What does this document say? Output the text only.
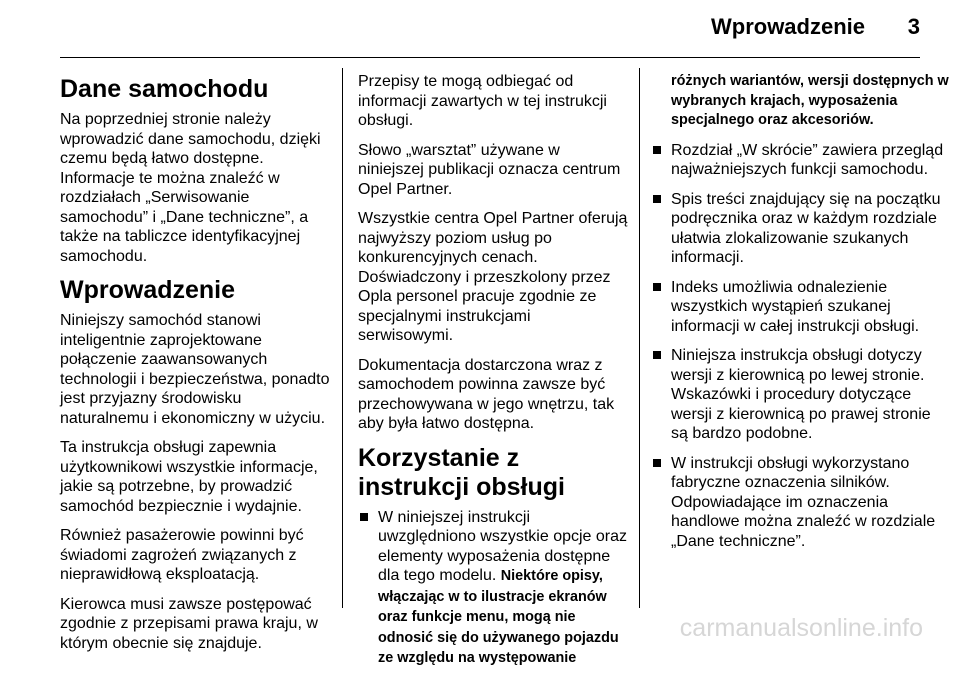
Wprowadzenie	3
Dane samochodu

Na poprzedniej stronie należy wprowadzić dane samochodu, dzięki czemu będą łatwo dostępne. Informacje te można znaleźć w rozdziałach „Serwisowanie samochodu” i „Dane techniczne”, a także na tabliczce identyfikacyjnej samochodu.

Wprowadzenie

Niniejszy samochód stanowi inteligentnie zaprojektowane połączenie zaawansowanych technologii i bezpieczeństwa, ponadto jest przyjazny środowisku naturalnemu i ekonomiczny w użyciu.

Ta instrukcja obsługi zapewnia użytkownikowi wszystkie informacje, jakie są potrzebne, by prowadzić samochód bezpiecznie i wydajnie.

Również pasażerowie powinni być świadomi zagrożeń związanych z nieprawidłową eksploatacją.

Kierowca musi zawsze postępować zgodnie z przepisami prawa kraju, w którym obecnie się znajduje.

Przepisy te mogą odbiegać od informacji zawartych w tej instrukcji obsługi.

Słowo „warsztat” używane w niniejszej publikacji oznacza centrum Opel Partner.

Wszystkie centra Opel Partner oferują najwyższy poziom usług po konkurencyjnych cenach. Doświadczony i przeszkolony przez Opla personel pracuje zgodnie ze specjalnymi instrukcjami serwisowymi.

Dokumentacja dostarczona wraz z samochodem powinna zawsze być przechowywana w jego wnętrzu, tak aby była łatwo dostępna.

Korzystanie z instrukcji obsługi
W niniejszej instrukcji uwzględniono wszystkie opcje oraz elementy wyposażenia dostępne dla tego modelu. Niektóre opisy, włączając w to ilustracje ekranów oraz funkcje menu, mogą nie odnosić się do używanego pojazdu ze względu na występowanie
różnych wariantów, wersji dostępnych w wybranych krajach, wyposażenia specjalnego oraz akcesoriów.
Rozdział „W skrócie” zawiera przegląd najważniejszych funkcji samochodu.
Spis treści znajdujący się na początku podręcznika oraz w każdym rozdziale ułatwia zlokalizowanie szukanych informacji.
Indeks umożliwia odnalezienie wszystkich wystąpień szukanej informacji w całej instrukcji obsługi.
Niniejsza instrukcja obsługi dotyczy wersji z kierownicą po lewej stronie. Wskazówki i procedury dotyczące wersji z kierownicą po prawej stronie są bardzo podobne.
W instrukcji obsługi wykorzystano fabryczne oznaczenia silników. Odpowiadające im oznaczenia handlowe można znaleźć w rozdziale „Dane techniczne”.
carmanualsonline.info
